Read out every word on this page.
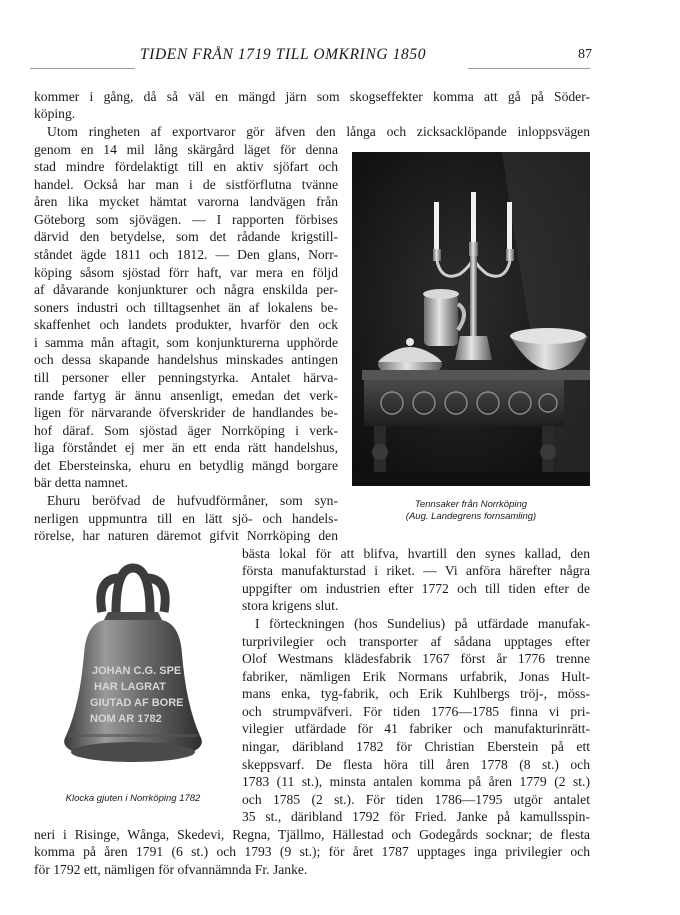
TIDEN FRÅN 1719 TILL OMKRING 1850	87
kommer i gång, då så väl en mängd järn som skogseffekter komma att gå på Söder-
köping.
Utom ringheten af exportvaror gör äfven den långa och zicksacklöpande inloppsvägen
genom en 14 mil lång skärgård läget för denna
stad mindre fördelaktigt till en aktiv sjöfart och
handel. Också har man i de sistförflutna tvänne
åren lika mycket hämtat varorna landvägen från
Göteborg som sjövägen. — I rapporten förbises
därvid den betydelse, som det rådande krigstill-
ståndet ägde 1811 och 1812. — Den glans, Norr-
köping såsom sjöstad förr haft, var mera en följd
af dåvarande konjunkturer och några enskilda per-
soners industri och tilltagsenhet än af lokalens be-
skaffenhet och landets produkter, hvarför den ock
i samma mån aftagit, som konjunkturerna upphörde
och dessa skapande handelshus minskades antingen
till personer eller penningstyrka. Antalet härva-
rande fartyg är ännu ansenligt, emedan det verk-
ligen för närvarande öfverskrider de handlandes be-
hof däraf. Som sjöstad äger Norrköping i verk-
liga förståndet ej mer än ett enda rätt handelshus,
det Ebersteinska, ehuru en betydlig mängd borgare
bär detta namnet.
Ehuru beröfvad de hufvudförmåner, som syn-
nerligen uppmuntra till en lätt sjö- och handels-
rörelse, har naturen däremot gifvit Norrköping den
bästa lokal för att blifva, hvartill den synes kallad, den
första manufakturstad i riket. — Vi anföra härefter några
uppgifter om industrien efter 1772 och till tiden efter de
stora krigens slut.
I förteckningen (hos Sundelius) på utfärdade manufak-
turprivilegier och transporter af sådana upptages efter
Olof Westmans klädesfabrik 1767 först år 1776 trenne
fabriker, nämligen Erik Normans urfabrik, Jonas Hult-
mans enka, tyg-fabrik, och Erik Kuhlbergs tröj-, möss-
och strumpväfveri. För tiden 1776—1785 finna vi pri-
vilegier utfärdade för 41 fabriker och manufakturinrätt-
ningar, däribland 1782 för Christian Eberstein på ett
skeppsvarf. De flesta höra till åren 1778 (8 st.) och
1783 (11 st.), minsta antalen komma på åren 1779 (2 st.)
och 1785 (2 st.). För tiden 1786—1795 utgör antalet
35 st., däribland 1792 för Fried. Janke på kamullsspin-
neri i Risinge, Wånga, Skedevi, Regna, Tjällmo, Hällestad och Godegårds socknar; de flesta
komma på åren 1791 (6 st.) och 1793 (9 st.); för året 1787 upptages inga privilegier och
för 1792 ett, nämligen för ofvannämnda Fr. Janke.
Tennsaker från Norrköping
(Aug. Landegrens fornsamling)
JOHAN C.G. SPE
HAR LAGRAT
GIUTAD AF BORE
NOM AR 1782
Klocka gjuten i Norrköping 1782
